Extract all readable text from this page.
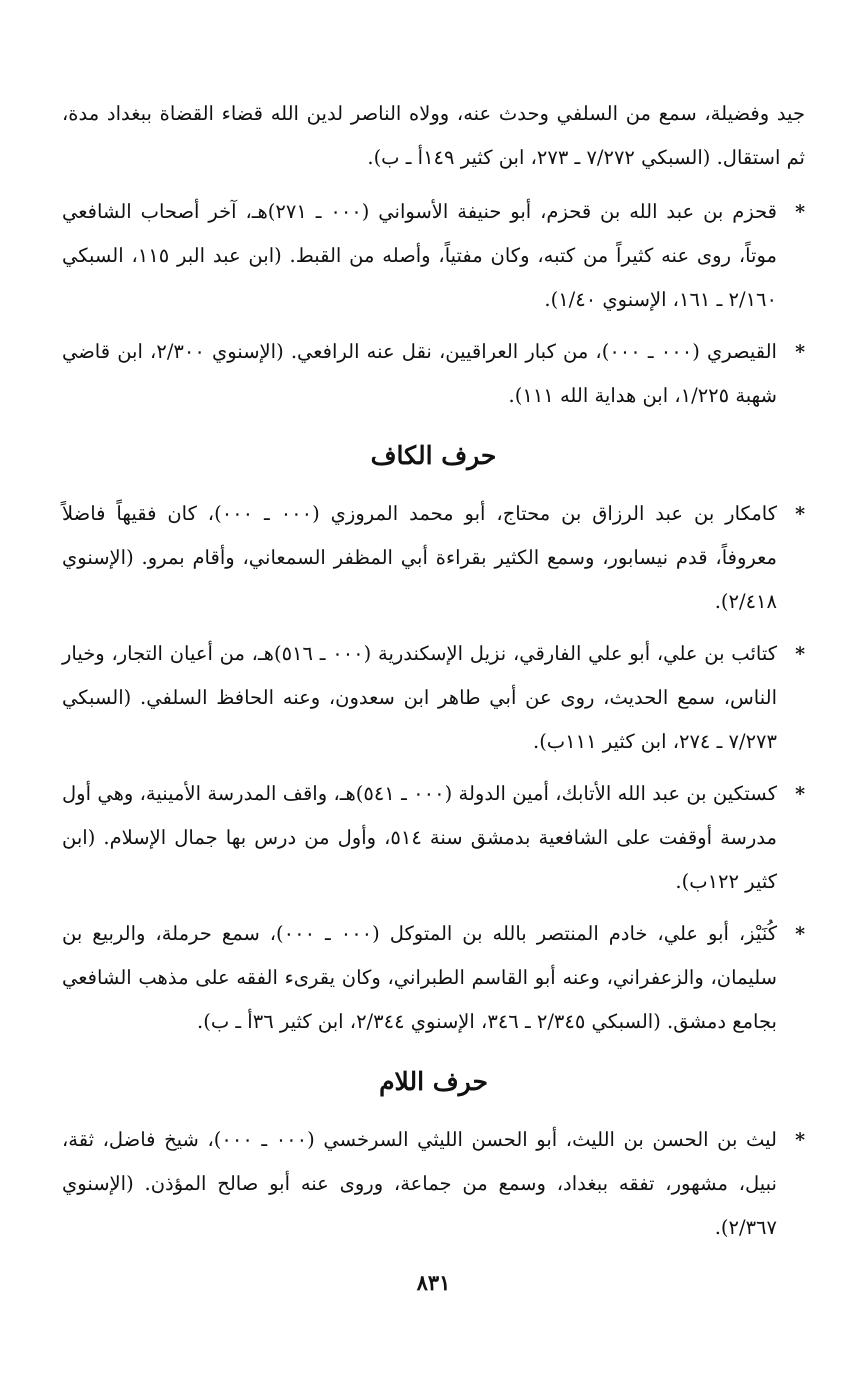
جيد وفضيلة، سمع من السلفي وحدث عنه، وولاه الناصر لدين الله قضاء القضاة ببغداد مدة، ثم استقال. (السبكي ٧/٢٧٢ ـ ٢٧٣، ابن كثير ١٤٩أ ـ ب).

*
قحزم بن عبد الله بن قحزم، أبو حنيفة الأسواني (٠٠٠ ـ ٢٧١)هـ، آخر أصحاب الشافعي موتاً، روى عنه كثيراً من كتبه، وكان مفتياً، وأصله من القبط. (ابن عبد البر ١١٥، السبكي ٢/١٦٠ ـ ١٦١، الإسنوي ١/٤٠).

*
القيصري (٠٠٠ ـ ٠٠٠)، من كبار العراقيين، نقل عنه الرافعي. (الإسنوي ٢/٣٠٠، ابن قاضي شهبة ١/٢٢٥، ابن هداية الله ١١١).

حرف الكاف

*
كامكار بن عبد الرزاق بن محتاج، أبو محمد المروزي (٠٠٠ ـ ٠٠٠)، كان فقيهاً فاضلاً معروفاً، قدم نيسابور، وسمع الكثير بقراءة أبي المظفر السمعاني، وأقام بمرو. (الإسنوي ٢/٤١٨).

*
كتائب بن علي، أبو علي الفارقي، نزيل الإسكندرية (٠٠٠ ـ ٥١٦)هـ، من أعيان التجار، وخيار الناس، سمع الحديث، روى عن أبي طاهر ابن سعدون، وعنه الحافظ السلفي. (السبكي ٧/٢٧٣ ـ ٢٧٤، ابن كثير ١١١ب).

*
كستكين بن عبد الله الأتابك، أمين الدولة (٠٠٠ ـ ٥٤١)هـ، واقف المدرسة الأمينية، وهي أول مدرسة أوقفت على الشافعية بدمشق سنة ٥١٤، وأول من درس بها جمال الإسلام. (ابن كثير ١٢٢ب).

*
كُنَيْز، أبو علي، خادم المنتصر بالله بن المتوكل (٠٠٠ ـ ٠٠٠)، سمع حرملة، والربيع بن سليمان، والزعفراني، وعنه أبو القاسم الطبراني، وكان يقرىء الفقه على مذهب الشافعي بجامع دمشق. (السبكي ٢/٣٤٥ ـ ٣٤٦، الإسنوي ٢/٣٤٤، ابن كثير ٣٦أ ـ ب).

حرف اللام

*
ليث بن الحسن بن الليث، أبو الحسن الليثي السرخسي (٠٠٠ ـ ٠٠٠)، شيخ فاضل، ثقة، نبيل، مشهور، تفقه ببغداد، وسمع من جماعة، وروى عنه أبو صالح المؤذن. (الإسنوي ٢/٣٦٧).

٨٣١
